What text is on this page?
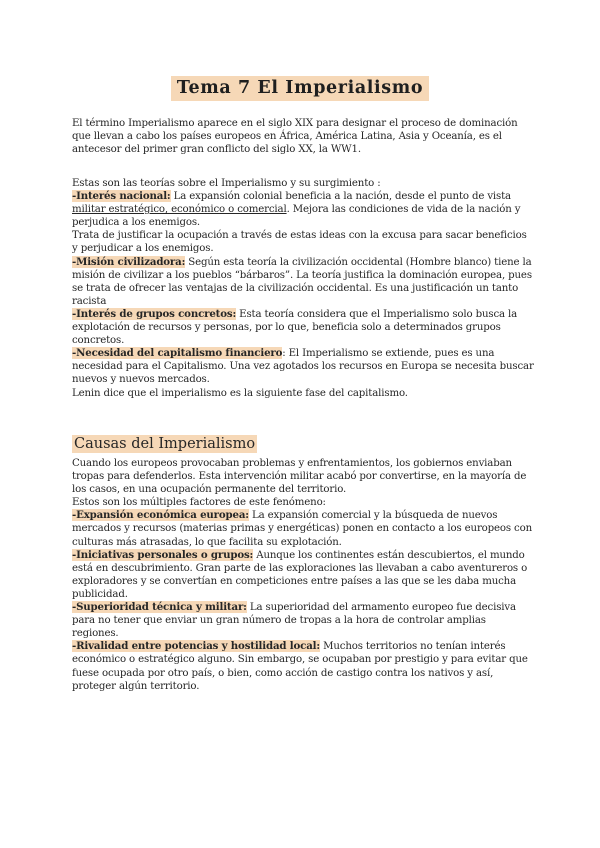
Tema 7 El Imperialismo

El término Imperialismo aparece en el siglo XIX para designar el proceso de dominación que llevan a cabo los países europeos en África, América Latina, Asia y Oceanía, es el antecesor del primer gran conflicto del siglo XX, la WW1.

Estas son las teorías sobre el Imperialismo y su surgimiento :

-Interés nacional: La expansión colonial beneficia a la nación, desde el punto de vista militar estratégico, económico o comercial. Mejora las condiciones de vida de la nación y perjudica a los enemigos.

Trata de justificar la ocupación a través de estas ideas con la excusa para sacar beneficios y perjudicar a los enemigos.

-Misión civilizadora: Según esta teoría la civilización occidental (Hombre blanco) tiene la misión de civilizar a los pueblos “bárbaros”. La teoría justifica la dominación europea, pues se trata de ofrecer las ventajas de la civilización occidental. Es una justificación un tanto racista

-Interés de grupos concretos: Esta teoría considera que el Imperialismo solo busca la explotación de recursos y personas, por lo que, beneficia solo a determinados grupos concretos.

-Necesidad del capitalismo financiero: El Imperialismo se extiende, pues es una necesidad para el Capitalismo. Una vez agotados los recursos en Europa se necesita buscar nuevos y nuevos mercados.

Lenin dice que el imperialismo es la siguiente fase del capitalismo.

Causas del Imperialismo

Cuando los europeos provocaban problemas y enfrentamientos, los gobiernos enviaban tropas para defenderlos. Esta intervención militar acabó por convertirse, en la mayoría de los casos, en una ocupación permanente del territorio.

Estos son los múltiples factores de este fenómeno:

-Expansión económica europea: La expansión comercial y la búsqueda de nuevos mercados y recursos (materias primas y energéticas) ponen en contacto a los europeos con culturas más atrasadas, lo que facilita su explotación.

-Iniciativas personales o grupos: Aunque los continentes están descubiertos, el mundo está en descubrimiento. Gran parte de las exploraciones las llevaban a cabo aventureros o exploradores y se convertían en competiciones entre países a las que se les daba mucha publicidad.

-Superioridad técnica y militar: La superioridad del armamento europeo fue decisiva para no tener que enviar un gran número de tropas a la hora de controlar amplias regiones.

-Rivalidad entre potencias y hostilidad local: Muchos territorios no tenían interés económico o estratégico alguno. Sin embargo, se ocupaban por prestigio y para evitar que fuese ocupada por otro país, o bien, como acción de castigo contra los nativos y así, proteger algún territorio.
